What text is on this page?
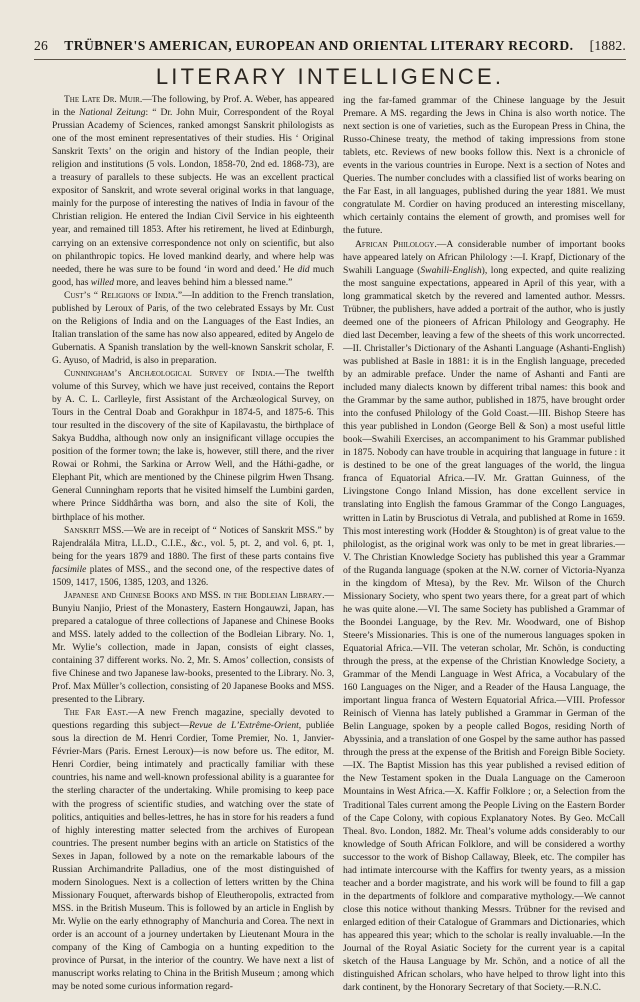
26 TRÜBNER'S AMERICAN, EUROPEAN AND ORIENTAL LITERARY RECORD. [1882.
LITERARY INTELLIGENCE.

The Late Dr. Muir.—The following, by Prof. A. Weber, has appeared in the National Zeitung: “ Dr. John Muir, Correspondent of the Royal Prussian Academy of Sciences, ranked amongst Sanskrit philologists as one of the most eminent representatives of their studies. His ‘ Original Sanskrit Texts’ on the origin and history of the Indian people, their religion and institutions (5 vols. London, 1858-70, 2nd ed. 1868-73), are a treasury of parallels to these subjects. He was an excellent practical expositor of Sanskrit, and wrote several original works in that language, mainly for the purpose of interesting the natives of India in favour of the Christian religion. He entered the Indian Civil Service in his eighteenth year, and remained till 1853. After his retirement, he lived at Edinburgh, carrying on an extensive correspondence not only on scientific, but also on philanthropic topics. He loved mankind dearly, and where help was needed, there he was sure to be found ‘in word and deed.’ He did much good, has willed more, and leaves behind him a blessed name.”

Cust’s “ Religions of India.”—In addition to the French translation, published by Leroux of Paris, of the two celebrated Essays by Mr. Cust on the Religions of India and on the Languages of the East Indies, an Italian translation of the same has now also appeared, edited by Angelo de Gubernatis. A Spanish translation by the well-known Sanskrit scholar, F. G. Ayuso, of Madrid, is also in preparation.

Cunningham’s Archæological Survey of India.—The twelfth volume of this Survey, which we have just received, contains the Report by A. C. L. Carlleyle, first Assistant of the Archæological Survey, on Tours in the Central Doab and Gorakhpur in 1874-5, and 1875-6. This tour resulted in the discovery of the site of Kapilavastu, the birthplace of Sakya Buddha, although now only an insignificant village occupies the position of the former town; the lake is, however, still there, and the river Rowai or Rohmi, the Sarkina or Arrow Well, and the Háthi-gadhe, or Elephant Pit, which are mentioned by the Chinese pilgrim Hwen Thsang. General Cunningham reports that he visited himself the Lumbini garden, where Prince Siddhârtha was born, and also the site of Koli, the birthplace of his mother.

Sanskrit MSS.—We are in receipt of “ Notices of Sanskrit MSS.” by Rajendralála Mitra, LL.D., C.I.E., &c., vol. 5, pt. 2, and vol. 6, pt. 1, being for the years 1879 and 1880. The first of these parts contains five facsimile plates of MSS., and the second one, of the respective dates of 1509, 1417, 1506, 1385, 1203, and 1326.

Japanese and Chinese Books and MSS. in the Bodleian Library.—Bunyiu Nanjio, Priest of the Monastery, Eastern Hongauwzi, Japan, has prepared a catalogue of three collections of Japanese and Chinese Books and MSS. lately added to the collection of the Bodleian Library. No. 1, Mr. Wylie’s collection, made in Japan, consists of eight classes, containing 37 different works. No. 2, Mr. S. Amos’ collection, consists of five Chinese and two Japanese law-books, presented to the Library. No. 3, Prof. Max Müller’s collection, consisting of 20 Japanese Books and MSS. presented to the Library.

The Far East.—A new French magazine, specially devoted to questions regarding this subject—Revue de L’Extrême-Orient, publiée sous la direction de M. Henri Cordier, Tome Premier, No. 1, Janvier-Février-Mars (Paris. Ernest Leroux)—is now before us. The editor, M. Henri Cordier, being intimately and practically familiar with these countries, his name and well-known professional ability is a guarantee for the sterling character of the undertaking. While promising to keep pace with the progress of scientific studies, and watching over the state of politics, antiquities and belles-lettres, he has in store for his readers a fund of highly interesting matter selected from the archives of European countries. The present number begins with an article on Statistics of the Sexes in Japan, followed by a note on the remarkable labours of the Russian Archimandrite Palladius, one of the most distinguished of modern Sinologues. Next is a collection of letters written by the China Missionary Fouquet, afterwards bishop of Eleutheropolis, extracted from MSS. in the British Museum. This is followed by an article in English by Mr. Wylie on the early ethnography of Manchuria and Corea. The next in order is an account of a journey undertaken by Lieutenant Moura in the company of the King of Cambogia on a hunting expedition to the province of Pursat, in the interior of the country. We have next a list of manuscript works relating to China in the British Museum ; among which may be noted some curious information regard-

ing the far-famed grammar of the Chinese language by the Jesuit Premare. A MS. regarding the Jews in China is also worth notice. The next section is one of varieties, such as the European Press in China, the Russo-Chinese treaty, the method of taking impressions from stone tablets, etc. Reviews of new books follow this. Next is a chronicle of events in the various countries in Europe. Next is a section of Notes and Queries. The number concludes with a classified list of works bearing on the Far East, in all languages, published during the year 1881. We must congratulate M. Cordier on having produced an interesting miscellany, which certainly contains the element of growth, and promises well for the future.

African Philology.—A considerable number of important books have appeared lately on African Philology :—I. Krapf, Dictionary of the Swahili Language (Swahili-English), long expected, and quite realizing the most sanguine expectations, appeared in April of this year, with a long grammatical sketch by the revered and lamented author. Messrs. Trübner, the publishers, have added a portrait of the author, who is justly deemed one of the pioneers of African Philology and Geography. He died last December, leaving a few of the sheets of this work uncorrected.—II. Christaller’s Dictionary of the Ashanti Language (Ashanti-English) was published at Basle in 1881: it is in the English language, preceded by an admirable preface. Under the name of Ashanti and Fanti are included many dialects known by different tribal names: this book and the Grammar by the same author, published in 1875, have brought order into the confused Philology of the Gold Coast.—III. Bishop Steere has this year published in London (George Bell & Son) a most useful little book—Swahili Exercises, an accompaniment to his Grammar published in 1875. Nobody can have trouble in acquiring that language in future : it is destined to be one of the great languages of the world, the lingua franca of Equatorial Africa.—IV. Mr. Grattan Guinness, of the Livingstone Congo Inland Mission, has done excellent service in translating into English the famous Grammar of the Congo Languages, written in Latin by Brusciotus di Vetrala, and published at Rome in 1659. This most interesting work (Hodder & Stoughton) is of great value to the philologist, as the original work was only to be met in great libraries.—V. The Christian Knowledge Society has published this year a Grammar of the Ruganda language (spoken at the N.W. corner of Victoria-Nyanza in the kingdom of Mtesa), by the Rev. Mr. Wilson of the Church Missionary Society, who spent two years there, for a great part of which he was quite alone.—VI. The same Society has published a Grammar of the Boondei Language, by the Rev. Mr. Woodward, one of Bishop Steere’s Missionaries. This is one of the numerous languages spoken in Equatorial Africa.—VII. The veteran scholar, Mr. Schön, is conducting through the press, at the expense of the Christian Knowledge Society, a Grammar of the Mendi Language in West Africa, a Vocabulary of the 160 Languages on the Niger, and a Reader of the Hausa Language, the important lingua franca of Western Equatorial Africa.—VIII. Professor Reinisch of Vienna has lately published a Grammar in German of the Belin Language, spoken by a people called Bogos, residing North of Abyssinia, and a translation of one Gospel by the same author has passed through the press at the expense of the British and Foreign Bible Society.—IX. The Baptist Mission has this year published a revised edition of the New Testament spoken in the Duala Language on the Cameroon Mountains in West Africa.—X. Kaffir Folklore ; or, a Selection from the Traditional Tales current among the People Living on the Eastern Border of the Cape Colony, with copious Explanatory Notes. By Geo. McCall Theal. 8vo. London, 1882. Mr. Theal’s volume adds considerably to our knowledge of South African Folklore, and will be considered a worthy successor to the work of Bishop Callaway, Bleek, etc. The compiler has had intimate intercourse with the Kaffirs for twenty years, as a mission teacher and a border magistrate, and his work will be found to fill a gap in the departments of folklore and comparative mythology.—We cannot close this notice without thanking Messrs. Trübner for the revised and enlarged edition of their Catalogue of Grammars and Dictionaries, which has appeared this year; which to the scholar is really invaluable.—In the Journal of the Royal Asiatic Society for the current year is a capital sketch of the Hausa Language by Mr. Schön, and a notice of all the distinguished African scholars, who have helped to throw light into this dark continent, by the Honorary Secretary of that Society.—R.N.C.
